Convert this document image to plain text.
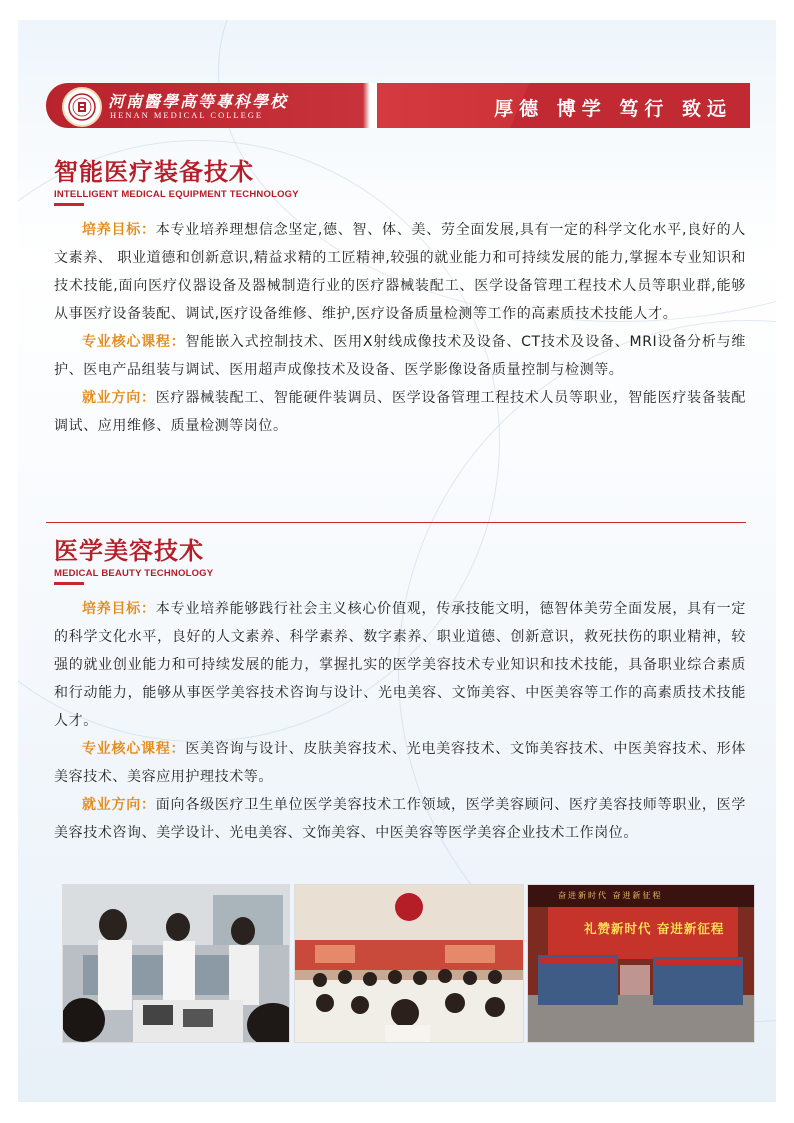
河南醫學高等專科學校
HENAN MEDICAL COLLEGE	厚德 博学 笃行 致远
智能医疗装备技术
INTELLIGENT MEDICAL EQUIPMENT TECHNOLOGY

培养目标：本专业培养理想信念坚定,德、智、体、美、劳全面发展,具有一定的科学文化水平,良好的人文素养、 职业道德和创新意识,精益求精的工匠精神,较强的就业能力和可持续发展的能力,掌握本专业知识和技术技能,面向医疗仪器设备及器械制造行业的医疗器械装配工、医学设备管理工程技术人员等职业群,能够从事医疗设备装配、调试,医疗设备维修、维护,医疗设备质量检测等工作的高素质技术技能人才。

专业核心课程：智能嵌入式控制技术、医用X射线成像技术及设备、CT技术及设备、MRI设备分析与维护、医电产品组装与调试、医用超声成像技术及设备、医学影像设备质量控制与检测等。

就业方向：医疗器械装配工、智能硬件装调员、医学设备管理工程技术人员等职业，智能医疗装备装配调试、应用维修、质量检测等岗位。

医学美容技术
MEDICAL BEAUTY TECHNOLOGY

培养目标：本专业培养能够践行社会主义核心价值观，传承技能文明，德智体美劳全面发展，具有一定的科学文化水平，良好的人文素养、科学素养、数字素养、职业道德、创新意识，救死扶伤的职业精神，较强的就业创业能力和可持续发展的能力，掌握扎实的医学美容技术专业知识和技术技能，具备职业综合素质和行动能力，能够从事医学美容技术咨询与设计、光电美容、文饰美容、中医美容等工作的高素质技术技能人才。

专业核心课程：医美咨询与设计、皮肤美容技术、光电美容技术、文饰美容技术、中医美容技术、形体美容技术、美容应用护理技术等。

就业方向：面向各级医疗卫生单位医学美容技术工作领域，医学美容顾问、医疗美容技师等职业，医学美容技术咨询、美学设计、光电美容、文饰美容、中医美容等医学美容企业技术工作岗位。

奋进新时代 奋进新征程
礼赞新时代 奋进新征程
